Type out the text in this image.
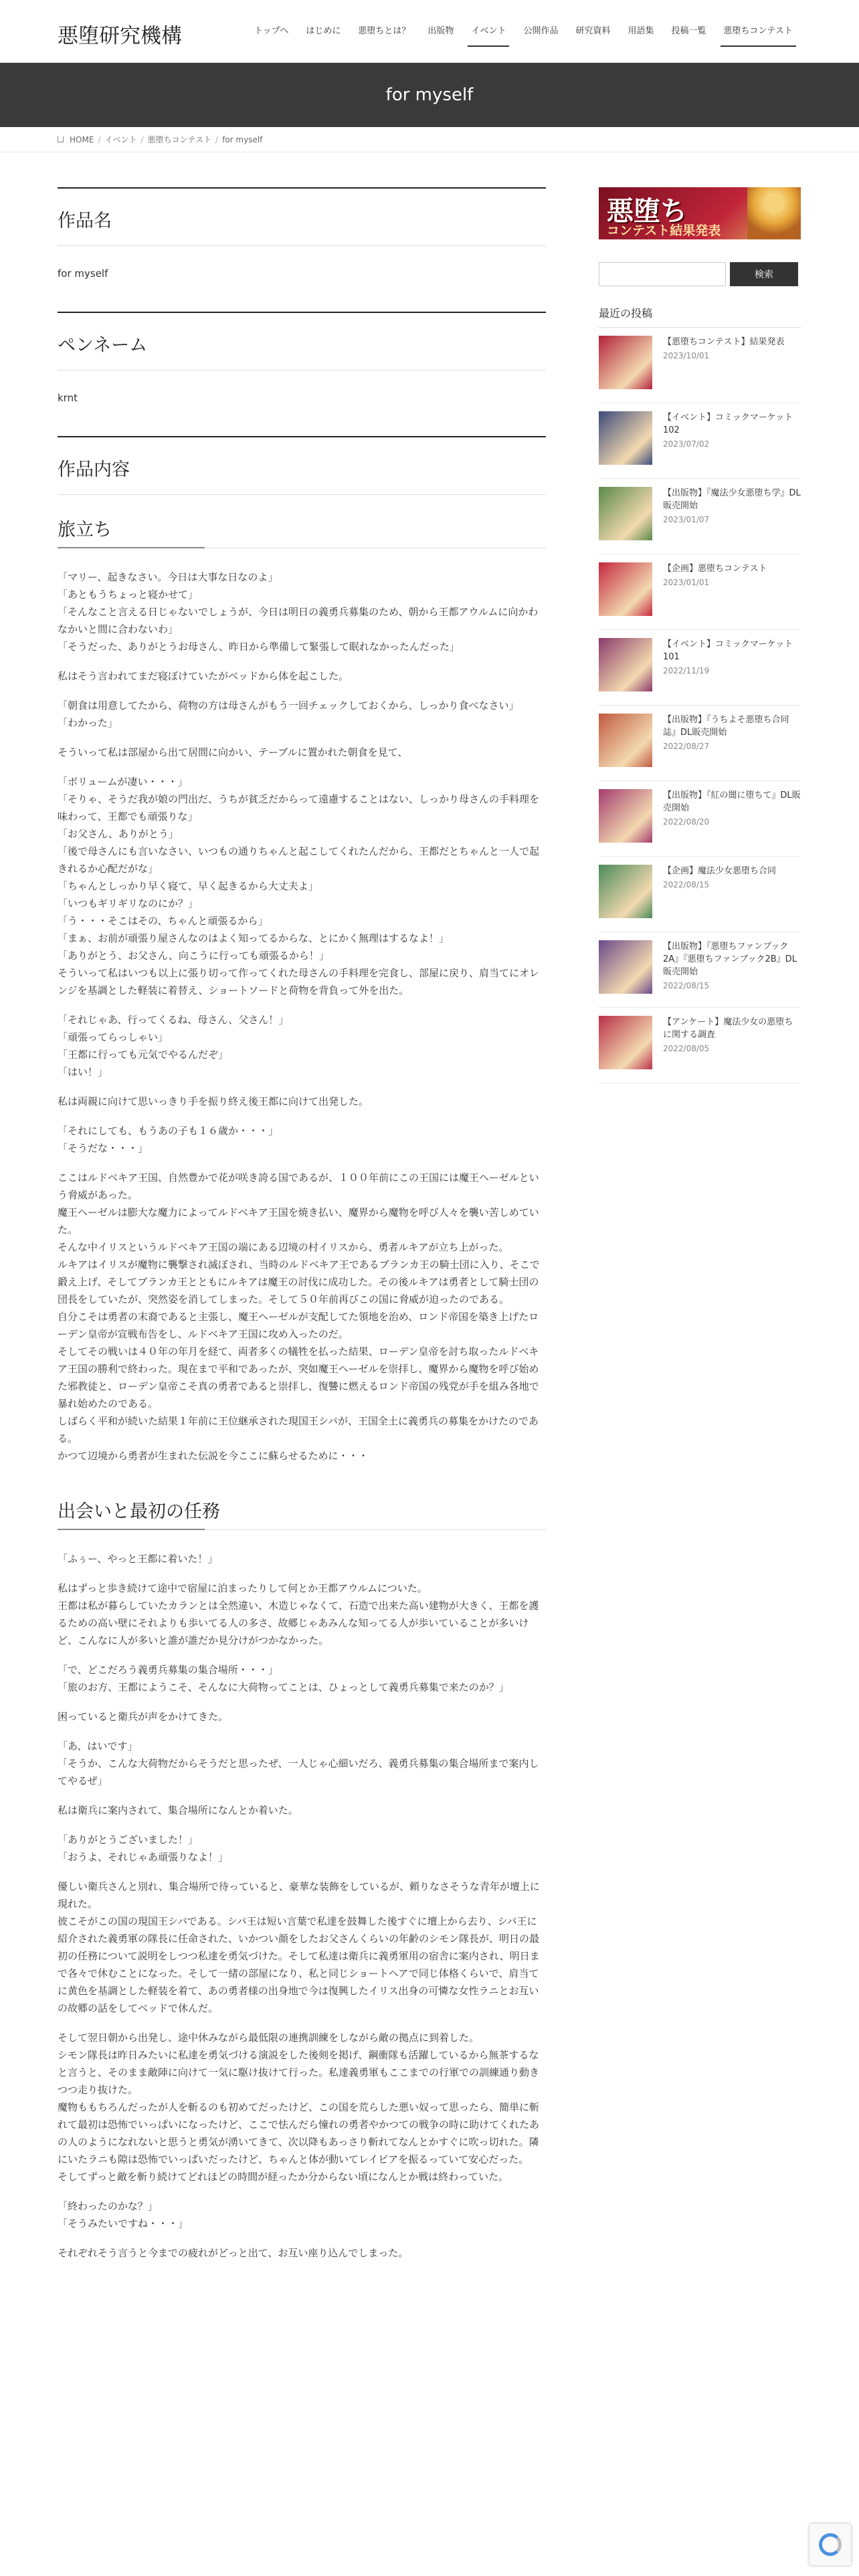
悪堕研究機構	トップへ	はじめに	悪堕ちとは？	出版物	イベント	公開作品	研究資料	用語集	投稿一覧	悪堕ちコンテスト
for myself
HOME / イベント / 悪堕ちコンテスト / for myself
作品名
for myself
ペンネーム
krnt
作品内容
旅立ち

「マリー、起きなさい。今日は大事な日なのよ」
「あともうちょっと寝かせて」
「そんなこと言える日じゃないでしょうが、今日は明日の義勇兵募集のため、朝から王都アウルムに向かわなかいと間に合わないわ」
「そうだった、ありがとうお母さん、昨日から準備して緊張して眠れなかったんだった」

私はそう言われてまだ寝ぼけていたがベッドから体を起こした。

「朝食は用意してたから、荷物の方は母さんがもう一回チェックしておくから、しっかり食べなさい」
「わかった」

そういって私は部屋から出て居間に向かい、テーブルに置かれた朝食を見て、

「ボリュームが凄い・・・」
「そりゃ、そうだ我が娘の門出だ、うちが貧乏だからって遠慮することはない、しっかり母さんの手料理を味わって、王都でも頑張りな」
「お父さん、ありがとう」
「後で母さんにも言いなさい、いつもの通りちゃんと起こしてくれたんだから、王都だとちゃんと一人で起きれるか心配だがな」
「ちゃんとしっかり早く寝て、早く起きるから大丈夫よ」
「いつもギリギリなのにか？」
「う・・・そこはその、ちゃんと頑張るから」
「まぁ、お前が頑張り屋さんなのはよく知ってるからな、とにかく無理はするなよ！」
「ありがとう、お父さん、向こうに行っても頑張るから！」
そういって私はいつも以上に張り切って作ってくれた母さんの手料理を完食し、部屋に戻り、肩当てにオレンジを基調とした軽装に着替え、ショートソードと荷物を背負って外を出た。

「それじゃあ、行ってくるね、母さん、父さん！」
「頑張ってらっしゃい」
「王都に行っても元気でやるんだぞ」
「はい！」

私は両親に向けて思いっきり手を振り終え後王都に向けて出発した。

「それにしても、もうあの子も１６歳か・・・」
「そうだな・・・」

ここはルドベキア王国、自然豊かで花が咲き誇る国であるが、１００年前にこの王国には魔王ヘーゼルという脅威があった。
魔王ヘーゼルは膨大な魔力によってルドベキア王国を焼き払い、魔界から魔物を呼び人々を襲い苦しめていた。
そんな中イリスというルドベキア王国の端にある辺境の村イリスから、勇者ルキアが立ち上がった。
ルキアはイリスが魔物に襲撃され滅ぼされ、当時のルドベキア王であるブランカ王の騎士団に入り、そこで鍛え上げ、そしてブランカ王とともにルキアは魔王の討伐に成功した。その後ルキアは勇者として騎士団の団長をしていたが、突然姿を消してしまった。そして５０年前再びこの国に脅威が迫ったのである。
自分こそは勇者の末裔であると主張し、魔王ヘーゼルが支配してた領地を治め、ロンド帝国を築き上げたローデン皇帝が宣戦布告をし、ルドベキア王国に攻め入ったのだ。
そしてその戦いは４０年の年月を経て、両者多くの犠牲を払った結果、ローデン皇帝を討ち取ったルドベキア王国の勝利で終わった。現在まで平和であったが、突如魔王ヘーゼルを崇拝し、魔界から魔物を呼び始めた邪教徒と、ローデン皇帝こそ真の勇者であると崇拝し、復讐に燃えるロンド帝国の残党が手を組み各地で暴れ始めたのである。
しばらく平和が続いた結果１年前に王位継承された現国王シバが、王国全土に義勇兵の募集をかけたのである。
かつて辺境から勇者が生まれた伝説を今ここに蘇らせるために・・・

出会いと最初の任務

「ふぅー、やっと王都に着いた！」

私はずっと歩き続けて途中で宿屋に泊まったりして何とか王都アウルムについた。
王都は私が暮らしていたカランとは全然違い、木造じゃなくて、石造で出来た高い建物が大きく、王都を護るための高い壁にそれよりも歩いてる人の多さ、故郷じゃあみんな知ってる人が歩いていることが多いけど、こんなに人が多いと誰が誰だか見分けがつかなかった。

「で、どこだろう義勇兵募集の集合場所・・・」
「旅のお方、王都にようこそ、そんなに大荷物ってことは、ひょっとして義勇兵募集で来たのか？」

困っていると衛兵が声をかけてきた。

「あ、はいです」
「そうか、こんな大荷物だからそうだと思ったぜ、一人じゃ心細いだろ、義勇兵募集の集合場所まで案内してやるぜ」

私は衛兵に案内されて、集合場所になんとか着いた。

「ありがとうございました！」
「おうよ、それじゃあ頑張りなよ！」

優しい衛兵さんと別れ、集合場所で待っていると、豪華な装飾をしているが、頼りなさそうな青年が壇上に現れた。
彼こそがこの国の現国王シバである。シバ王は短い言葉で私達を鼓舞した後すぐに壇上から去り、シバ王に紹介された義勇軍の隊長に任命された、いかつい顔をしたお父さんくらいの年齢のシモン隊長が、明日の最初の任務について説明をしつつ私達を勇気づけた。そして私達は衛兵に義勇軍用の宿舎に案内され、明日まで各々で休むことになった。そして一緒の部屋になり、私と同じショートヘアで同じ体格くらいで、肩当てに黄色を基調とした軽装を着て、あの勇者様の出身地で今は復興したイリス出身の可憐な女性ラニとお互いの故郷の話をしてベッドで休んだ。

そして翌日朝から出発し、途中休みながら最低限の連携訓練をしながら敵の拠点に到着した。
シモン隊長は昨日みたいに私達を勇気づける演説をした後剣を掲げ、鋼衝隊も活躍しているから無茶するなと言うと、そのまま敵陣に向けて一気に駆け抜けて行った。私達義勇軍もここまでの行軍での訓練通り動きつつ走り抜けた。
魔物ももちろんだったが人を斬るのも初めてだったけど、この国を荒らした悪い奴って思ったら、簡単に斬れて最初は恐怖でいっぱいになったけど、ここで怯んだら憧れの勇者やかつての戦争の時に助けてくれたあの人のようになれないと思うと勇気が湧いてきて、次以降もあっさり斬れてなんとかすぐに吹っ切れた。隣にいたラニも隙は恐怖でいっぱいだったけど、ちゃんと体が動いてレイピアを振るっていて安心だった。
そしてずっと敵を斬り続けてどれほどの時間が経ったか分からない頃になんとか戦は終わっていた。

「終わったのかな？」
「そうみたいですね・・・」

それぞれそう言うと今までの疲れがどっと出て、お互い座り込んでしまった。

悪堕ち
コンテスト結果発表
検索
最近の投稿
【悪堕ちコンテスト】結果発表
2023/10/01
【イベント】コミックマーケット102
2023/07/02
【出版物】『魔法少女悪堕ち学』DL販売開始
2023/01/07
【企画】悪堕ちコンテスト
2023/01/01
【イベント】コミックマーケット101
2022/11/19
【出版物】『うちよそ悪堕ち合同誌』DL販売開始
2022/08/27
【出版物】『紅の闇に堕ちて』DL販売開始
2022/08/20
【企画】魔法少女悪堕ち合同
2022/08/15
【出版物】『悪堕ちファンブック2A』『悪堕ちファンブック2B』DL販売開始
2022/08/15
【アンケート】魔法少女の悪堕ちに関する調査
2022/08/05
